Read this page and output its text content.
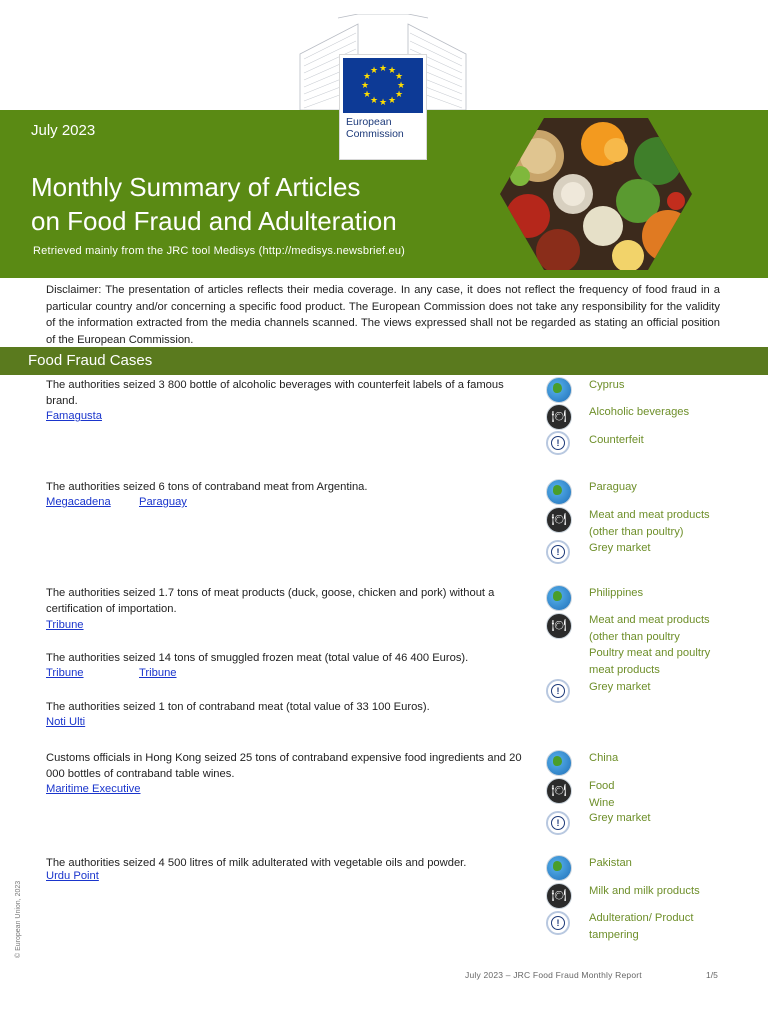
★ ★
★
★
★
★
★
★
★
★
★
★
European
Commission
July 2023
Monthly Summary of Articles
on Food Fraud and Adulteration
Retrieved mainly from the JRC tool Medisys (http://medisys.newsbrief.eu)
Disclaimer: The presentation of articles reflects their media coverage. In any case, it does not reflect the frequency of food fraud in a particular country and/or concerning a specific food product. The European Commission does not take any responsibility for the validity of the information extracted from the media channels scanned. The views expressed shall not be regarded as stating an official position of the European Commission.
Food Fraud Cases
The authorities seized 3 800 bottle of alcoholic beverages with counterfeit labels of a famous brand.
Famagusta
Cyprus
🍽	Alcoholic beverages
!	Counterfeit
The authorities seized 6 tons of contraband meat from Argentina.
Megacadena	Paraguay
Paraguay
🍽	Meat and meat products (other than poultry)
!	Grey market
The authorities seized 1.7 tons of meat products (duck, goose, chicken and pork) without a certification of importation.
Tribune
The authorities seized 14 tons of smuggled frozen meat (total value of 46 400 Euros).
Tribune	Tribune
The authorities seized 1 ton of contraband meat (total value of 33 100 Euros).
Noti Ulti
Philippines
🍽	Meat and meat products (other than poultry
Poultry meat and poultry meat products
!	Grey market
Customs officials in Hong Kong seized 25 tons of contraband expensive food ingredients and 20 000 bottles of contraband table wines.
Maritime Executive
China
🍽	Food
Wine
!	Grey market
The authorities seized 4 500 litres of milk adulterated with vegetable oils and powder.
Urdu Point
Pakistan
🍽	Milk and milk products
!	Adulteration/ Product tampering
© European Union, 2023
July 2023 – JRC Food Fraud Monthly Report	1/5
